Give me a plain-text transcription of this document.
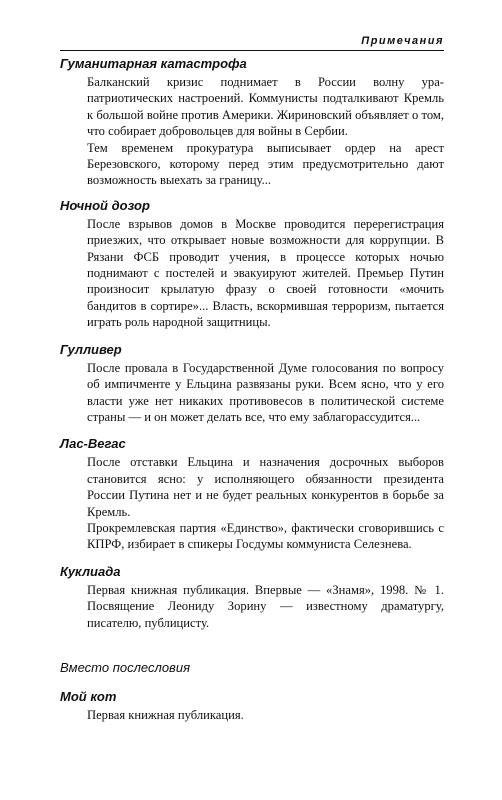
Примечания
Гуманитарная катастрофа

Балканский кризис поднимает в России волну ура-патриотических настроений. Коммунисты подталкивают Кремль к большой войне против Америки. Жириновский объявляет о том, что собирает добровольцев для войны в Сербии.

Тем временем прокуратура выписывает ордер на арест Березовского, которому перед этим предусмотрительно дают возможность выехать за границу...

Ночной дозор

После взрывов домов в Москве проводится перерегистрация приезжих, что открывает новые возможности для коррупции. В Рязани ФСБ проводит учения, в процессе которых ночью поднимают с постелей и эвакуируют жителей. Премьер Путин произносит крылатую фразу о своей готовности «мочить бандитов в сортире»... Власть, вскормившая терроризм, пытается играть роль народной защитницы.

Гулливер

После провала в Государственной Думе голосования по вопросу об импичменте у Ельцина развязаны руки. Всем ясно, что у его власти уже нет никаких противовесов в политической системе страны — и он может делать все, что ему заблагорассудится...

Лас-Вегас

После отставки Ельцина и назначения досрочных выборов становится ясно: у исполняющего обязанности президента России Путина нет и не будет реальных конкурентов в борьбе за Кремль.

Прокремлевская партия «Единство», фактически сговорившись с КПРФ, избирает в спикеры Госдумы коммуниста Селезнева.

Куклиада

Первая книжная публикация. Впервые — «Знамя», 1998. № 1. Посвящение Леониду Зорину — известному драматургу, писателю, публицисту.

Вместо послесловия
Мой кот

Первая книжная публикация.
